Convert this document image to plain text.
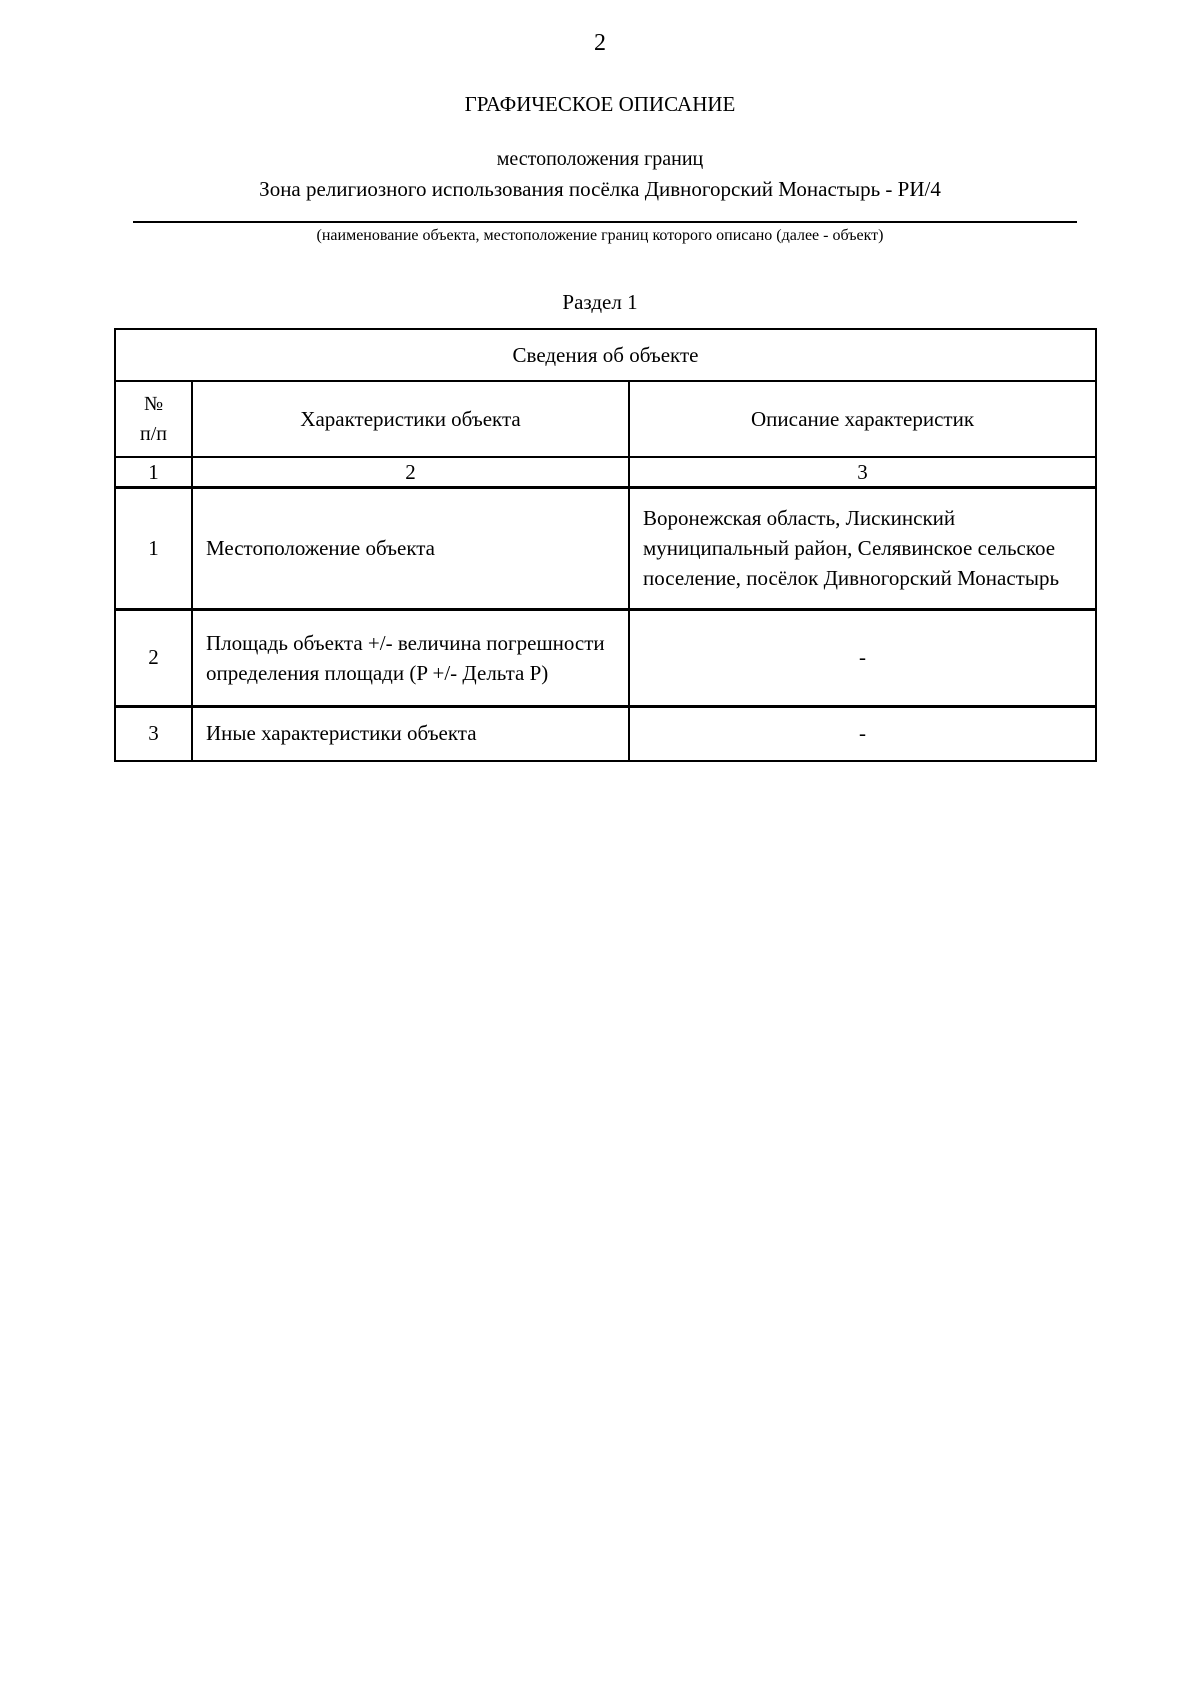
2
ГРАФИЧЕСКОЕ ОПИСАНИЕ
местоположения границ
Зона религиозного использования посёлка Дивногорский Монастырь - РИ/4
(наименование объекта, местоположение границ которого описано (далее - объект)
Раздел 1
Сведения об объекте		
№
п/п	Характеристики объекта	Описание характеристик
1	2	3
1	Местоположение объекта	Воронежская область, Лискинский муниципальный район, Селявинское сельское поселение, посёлок Дивногорский Монастырь
2	Площадь объекта +/- величина погрешности определения площади (P +/- Дельта P)	-
3	Иные характеристики объекта	-
